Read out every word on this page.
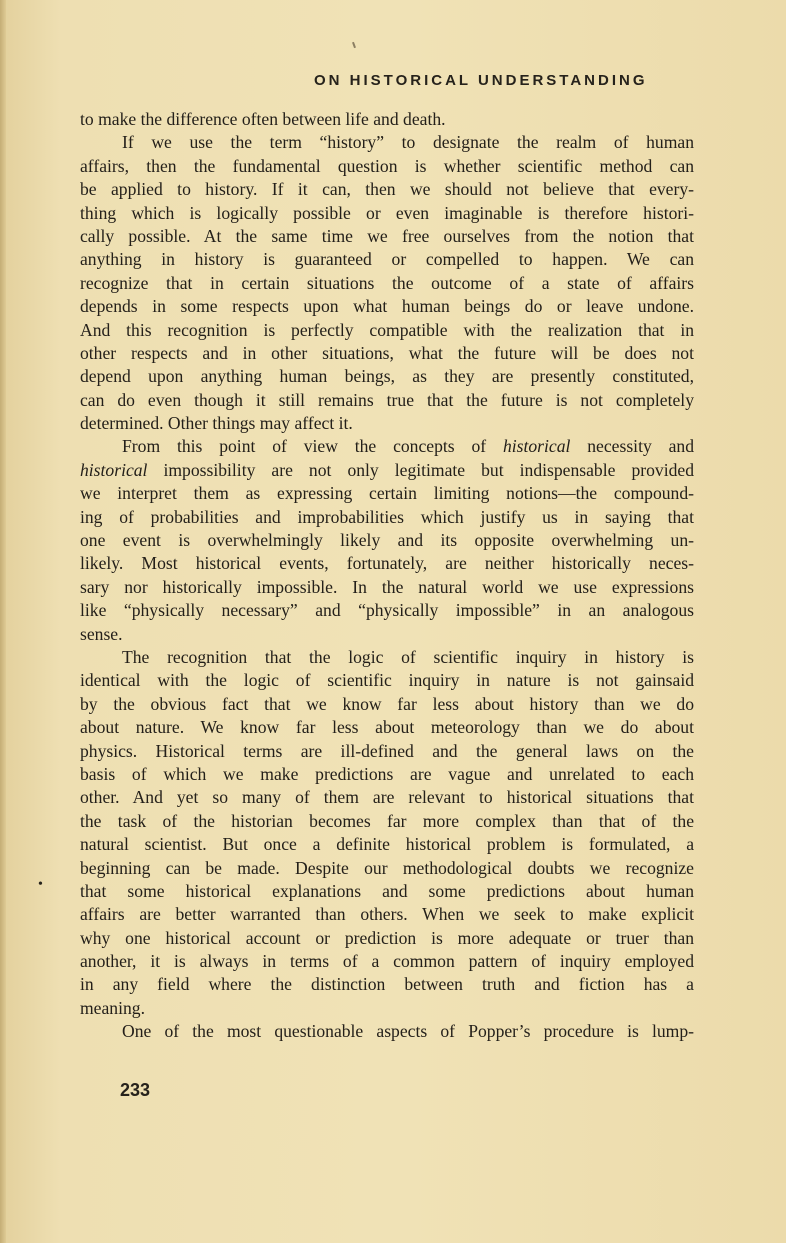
ON HISTORICAL UNDERSTANDING
to make the difference often between life and death.
If we use the term “history” to designate the realm of human
affairs, then the fundamental question is whether scientific method can
be applied to history. If it can, then we should not believe that every-
thing which is logically possible or even imaginable is therefore histori-
cally possible. At the same time we free ourselves from the notion that
anything in history is guaranteed or compelled to happen. We can
recognize that in certain situations the outcome of a state of affairs
depends in some respects upon what human beings do or leave undone.
And this recognition is perfectly compatible with the realization that in
other respects and in other situations, what the future will be does not
depend upon anything human beings, as they are presently constituted,
can do even though it still remains true that the future is not completely
determined. Other things may affect it.
From this point of view the concepts of historical necessity and
historical impossibility are not only legitimate but indispensable provided
we interpret them as expressing certain limiting notions—the compound-
ing of probabilities and improbabilities which justify us in saying that
one event is overwhelmingly likely and its opposite overwhelming un-
likely. Most historical events, fortunately, are neither historically neces-
sary nor historically impossible. In the natural world we use expressions
like “physically necessary” and “physically impossible” in an analogous
sense.
The recognition that the logic of scientific inquiry in history is
identical with the logic of scientific inquiry in nature is not gainsaid
by the obvious fact that we know far less about history than we do
about nature. We know far less about meteorology than we do about
physics. Historical terms are ill-defined and the general laws on the
basis of which we make predictions are vague and unrelated to each
other. And yet so many of them are relevant to historical situations that
the task of the historian becomes far more complex than that of the
natural scientist. But once a definite historical problem is formulated, a
beginning can be made. Despite our methodological doubts we recognize
that some historical explanations and some predictions about human
affairs are better warranted than others. When we seek to make explicit
why one historical account or prediction is more adequate or truer than
another, it is always in terms of a common pattern of inquiry employed
in any field where the distinction between truth and fiction has a
meaning.
One of the most questionable aspects of Popper’s procedure is lump-
•
233
